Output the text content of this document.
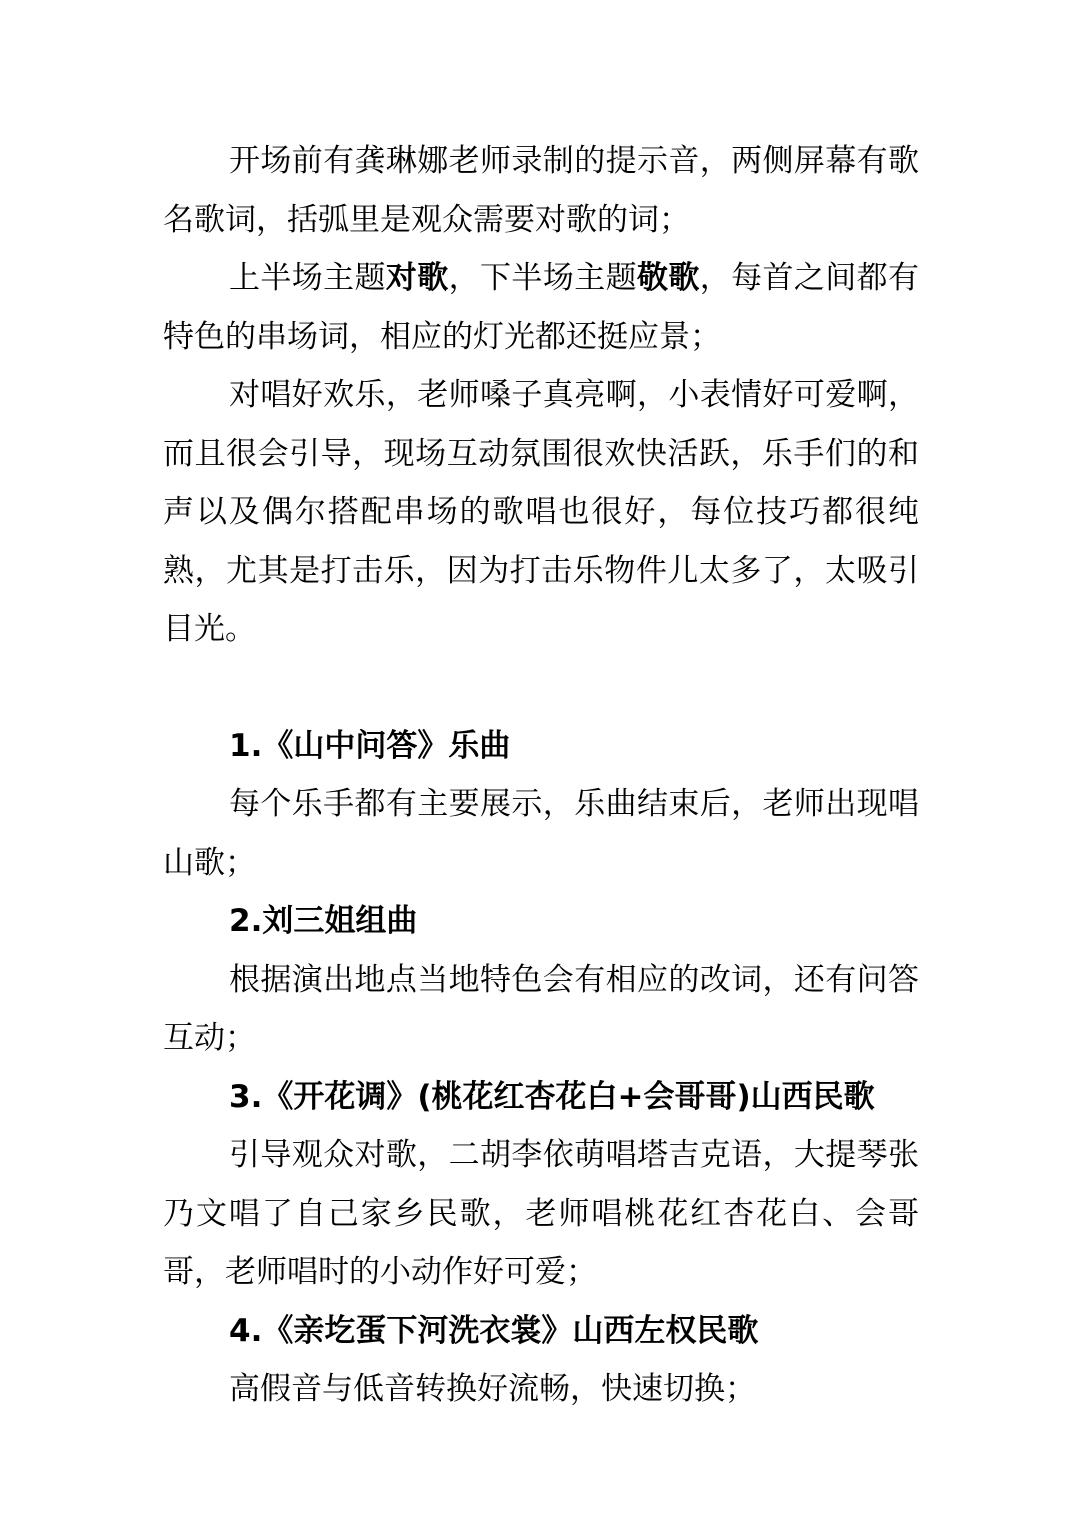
开场前有龚琳娜老师录制的提示音，两侧屏幕有歌名歌词，括弧里是观众需要对歌的词；

上半场主题对歌，下半场主题敬歌，每首之间都有特色的串场词，相应的灯光都还挺应景；

对唱好欢乐，老师嗓子真亮啊，小表情好可爱啊，而且很会引导，现场互动氛围很欢快活跃，乐手们的和声以及偶尔搭配串场的歌唱也很好，每位技巧都很纯熟，尤其是打击乐，因为打击乐物件儿太多了，太吸引目光。

1.《山中问答》乐曲

每个乐手都有主要展示，乐曲结束后，老师出现唱山歌；

2.刘三姐组曲

根据演出地点当地特色会有相应的改词，还有问答互动；

3.《开花调》(桃花红杏花白+会哥哥)山西民歌

引导观众对歌，二胡李依萌唱塔吉克语，大提琴张乃文唱了自己家乡民歌，老师唱桃花红杏花白、会哥哥，老师唱时的小动作好可爱；

4.《亲圪蛋下河洗衣裳》山西左权民歌

高假音与低音转换好流畅，快速切换；
